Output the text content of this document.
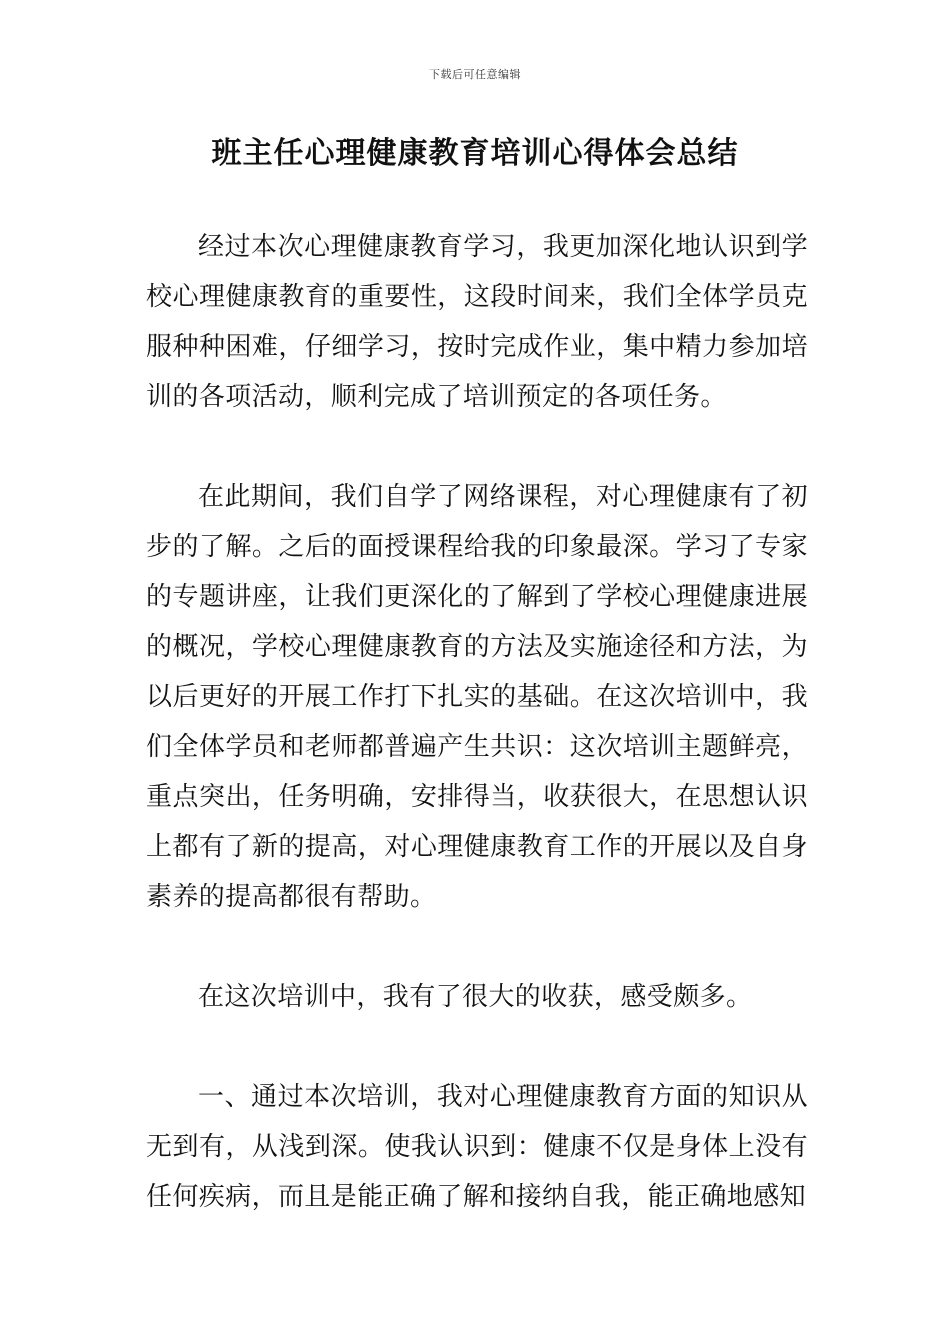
下载后可任意编辑
班主任心理健康教育培训心得体会总结

经过本次心理健康教育学习，我更加深化地认识到学校心理健康教育的重要性，这段时间来，我们全体学员克服种种困难，仔细学习，按时完成作业，集中精力参加培训的各项活动，顺利完成了培训预定的各项任务。

在此期间，我们自学了网络课程，对心理健康有了初步的了解。之后的面授课程给我的印象最深。学习了专家的专题讲座，让我们更深化的了解到了学校心理健康进展的概况，学校心理健康教育的方法及实施途径和方法，为以后更好的开展工作打下扎实的基础。在这次培训中，我们全体学员和老师都普遍产生共识：这次培训主题鲜亮，重点突出，任务明确，安排得当，收获很大，在思想认识上都有了新的提高，对心理健康教育工作的开展以及自身素养的提高都很有帮助。

在这次培训中，我有了很大的收获，感受颇多。

一、通过本次培训，我对心理健康教育方面的知识从无到有，从浅到深。使我认识到：健康不仅是身体上没有任何疾病，而且是能正确了解和接纳自我，能正确地感知
